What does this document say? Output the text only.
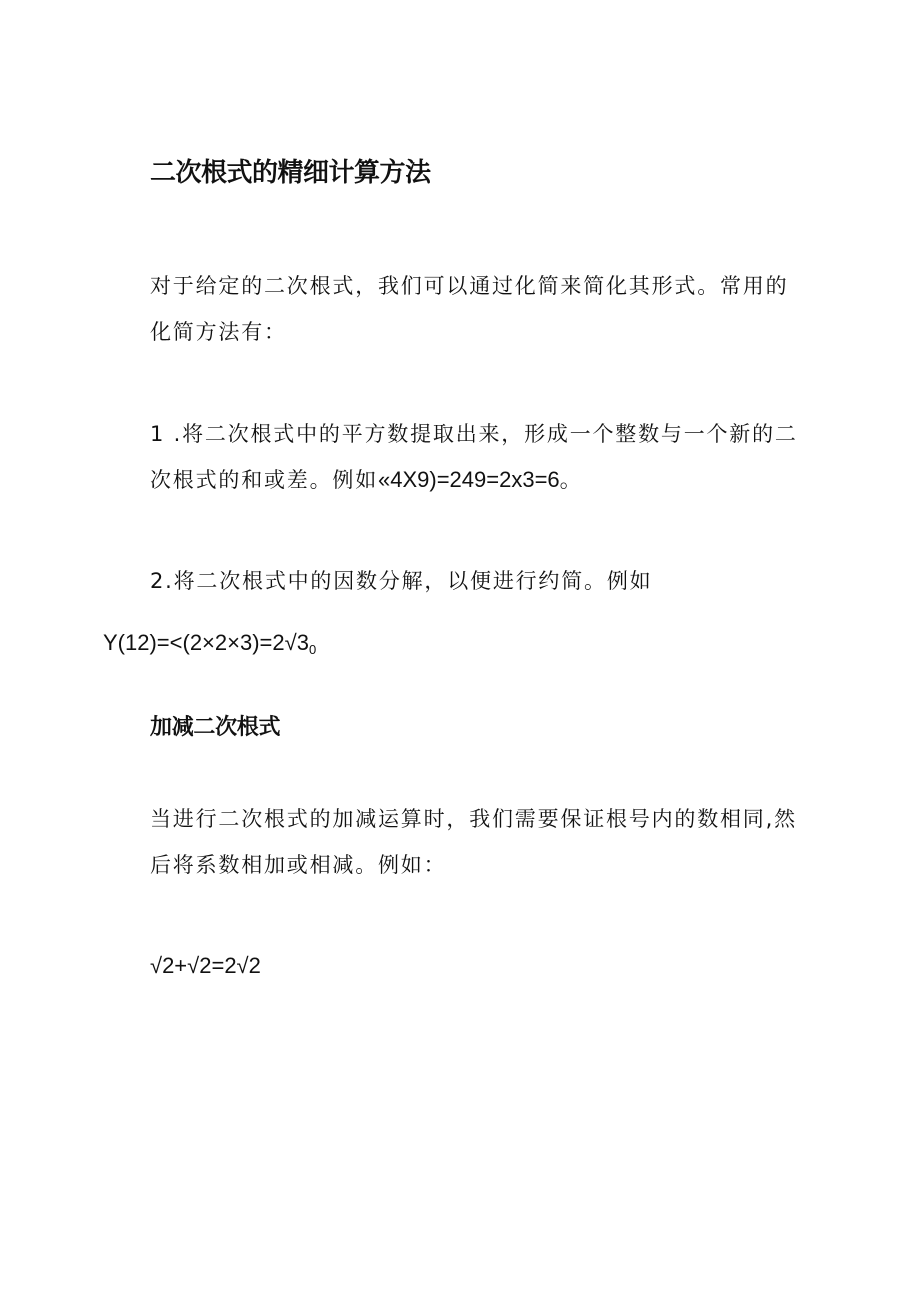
二次根式的精细计算方法

对于给定的二次根式，我们可以通过化简来简化其形式。常用的
化简方法有：

1 .将二次根式中的平方数提取出来，形成一个整数与一个新的二
次根式的和或差。例如«4X9)=249=2x3=6。

2.将二次根式中的因数分解，以便进行约简。例如

$Y(12)=<(2\times 2\times 3)=2√3_0$

加减二次根式

当进行二次根式的加减运算时，我们需要保证根号内的数相同,然
后将系数相加或相减。例如：

√2+√2=2√2
